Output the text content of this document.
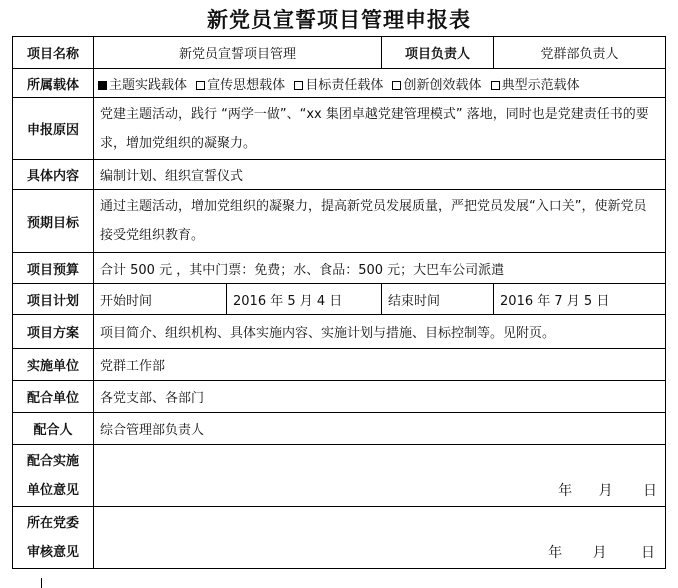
新党员宣誓项目管理申报表
项目名称	新党员宣誓项目管理		项目负责人	党群部负责人
所属载体	主题实践载体 宣传思想载体 目标责任载体 创新创效载体 典型示范载体			
申报原因	党建主题活动，践行 “两学一做”、“xx 集团卓越党建管理模式” 落地，同时也是党建责任书的要求，增加党组织的凝聚力。			
具体内容	编制计划、组织宣誓仪式			
预期目标	通过主题活动，增加党组织的凝聚力，提高新党员发展质量，严把党员发展“入口关”，使新党员接受党组织教育。			
项目预算	合计 500 元 ，其中门票：免费；水、食品：500 元；大巴车公司派遣			
项目计划	开始时间	2016 年 5 月 4 日	结束时间	2016 年 7 月 5 日
项目方案	项目简介、组织机构、具体实施内容、实施计划与措施、目标控制等。见附页。			
实施单位	党群工作部			
配合单位	各党支部、各部门			
配合人	综合管理部负责人			

配合实施
单位意见	年 月 日			

所在党委
审核意见	年 月 日			
